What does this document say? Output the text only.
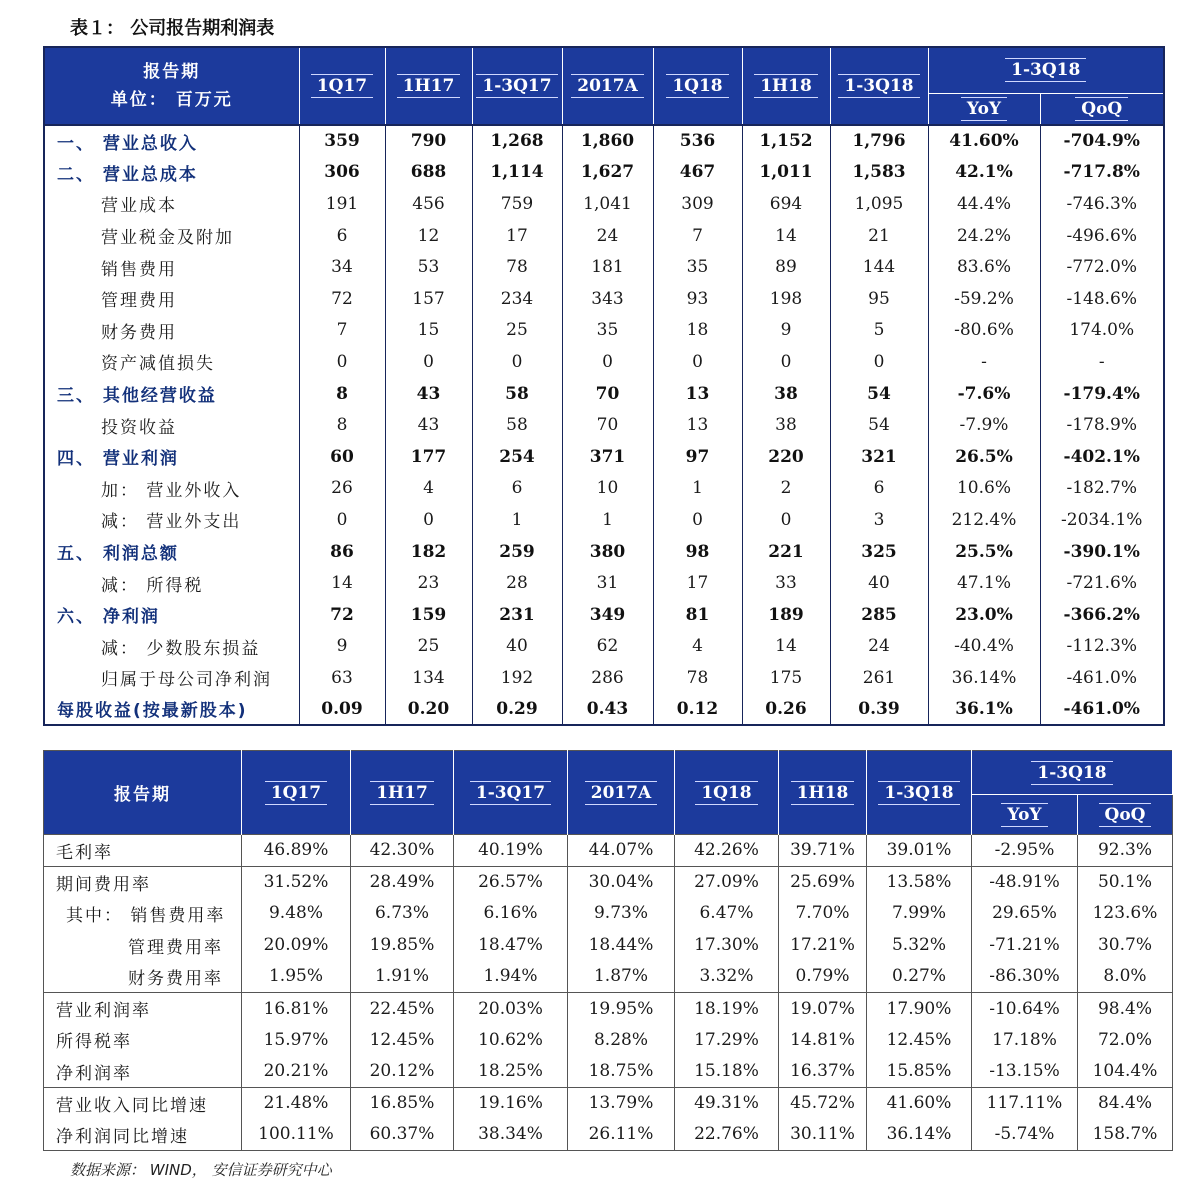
表１： 公司报告期利润表
报告期
单位： 百万元	1Q17	1H17	1-3Q17	2017A	1Q18	1H18	1-3Q18	1-3Q18	
								YoY	QoQ
一、 营业总收入	359	790	1,268	1,860	536	1,152	1,796	41.60%	-704.9%
二、 营业总成本	306	688	1,114	1,627	467	1,011	1,583	42.1%	-717.8%
营业成本	191	456	759	1,041	309	694	1,095	44.4%	-746.3%
营业税金及附加	6	12	17	24	7	14	21	24.2%	-496.6%
销售费用	34	53	78	181	35	89	144	83.6%	-772.0%
管理费用	72	157	234	343	93	198	95	-59.2%	-148.6%
财务费用	7	15	25	35	18	9	5	-80.6%	174.0%
资产减值损失	0	0	0	0	0	0	0	-	-
三、 其他经营收益	8	43	58	70	13	38	54	-7.6%	-179.4%
投资收益	8	43	58	70	13	38	54	-7.9%	-178.9%
四、 营业利润	60	177	254	371	97	220	321	26.5%	-402.1%
加： 营业外收入	26	4	6	10	1	2	6	10.6%	-182.7%
减： 营业外支出	0	0	1	1	0	0	3	212.4%	-2034.1%
五、 利润总额	86	182	259	380	98	221	325	25.5%	-390.1%
减： 所得税	14	23	28	31	17	33	40	47.1%	-721.6%
六、 净利润	72	159	231	349	81	189	285	23.0%	-366.2%
减： 少数股东损益	9	25	40	62	4	14	24	-40.4%	-112.3%
归属于母公司净利润	63	134	192	286	78	175	261	36.14%	-461.0%
每股收益(按最新股本)	0.09	0.20	0.29	0.43	0.12	0.26	0.39	36.1%	-461.0%
报告期	1Q17	1H17	1-3Q17	2017A	1Q18	1H18	1-3Q18	1-3Q18	
								YoY	QoQ
毛利率	46.89%	42.30%	40.19%	44.07%	42.26%	39.71%	39.01%	-2.95%	92.3%
期间费用率	31.52%	28.49%	26.57%	30.04%	27.09%	25.69%	13.58%	-48.91%	50.1%
其中： 销售费用率	9.48%	6.73%	6.16%	9.73%	6.47%	7.70%	7.99%	29.65%	123.6%
管理费用率	20.09%	19.85%	18.47%	18.44%	17.30%	17.21%	5.32%	-71.21%	30.7%
财务费用率	1.95%	1.91%	1.94%	1.87%	3.32%	0.79%	0.27%	-86.30%	8.0%
营业利润率	16.81%	22.45%	20.03%	19.95%	18.19%	19.07%	17.90%	-10.64%	98.4%
所得税率	15.97%	12.45%	10.62%	8.28%	17.29%	14.81%	12.45%	17.18%	72.0%
净利润率	20.21%	20.12%	18.25%	18.75%	15.18%	16.37%	15.85%	-13.15%	104.4%
营业收入同比增速	21.48%	16.85%	19.16%	13.79%	49.31%	45.72%	41.60%	117.11%	84.4%
净利润同比增速	100.11%	60.37%	38.34%	26.11%	22.76%	30.11%	36.14%	-5.74%	158.7%
数据来源： WIND， 安信证券研究中心
